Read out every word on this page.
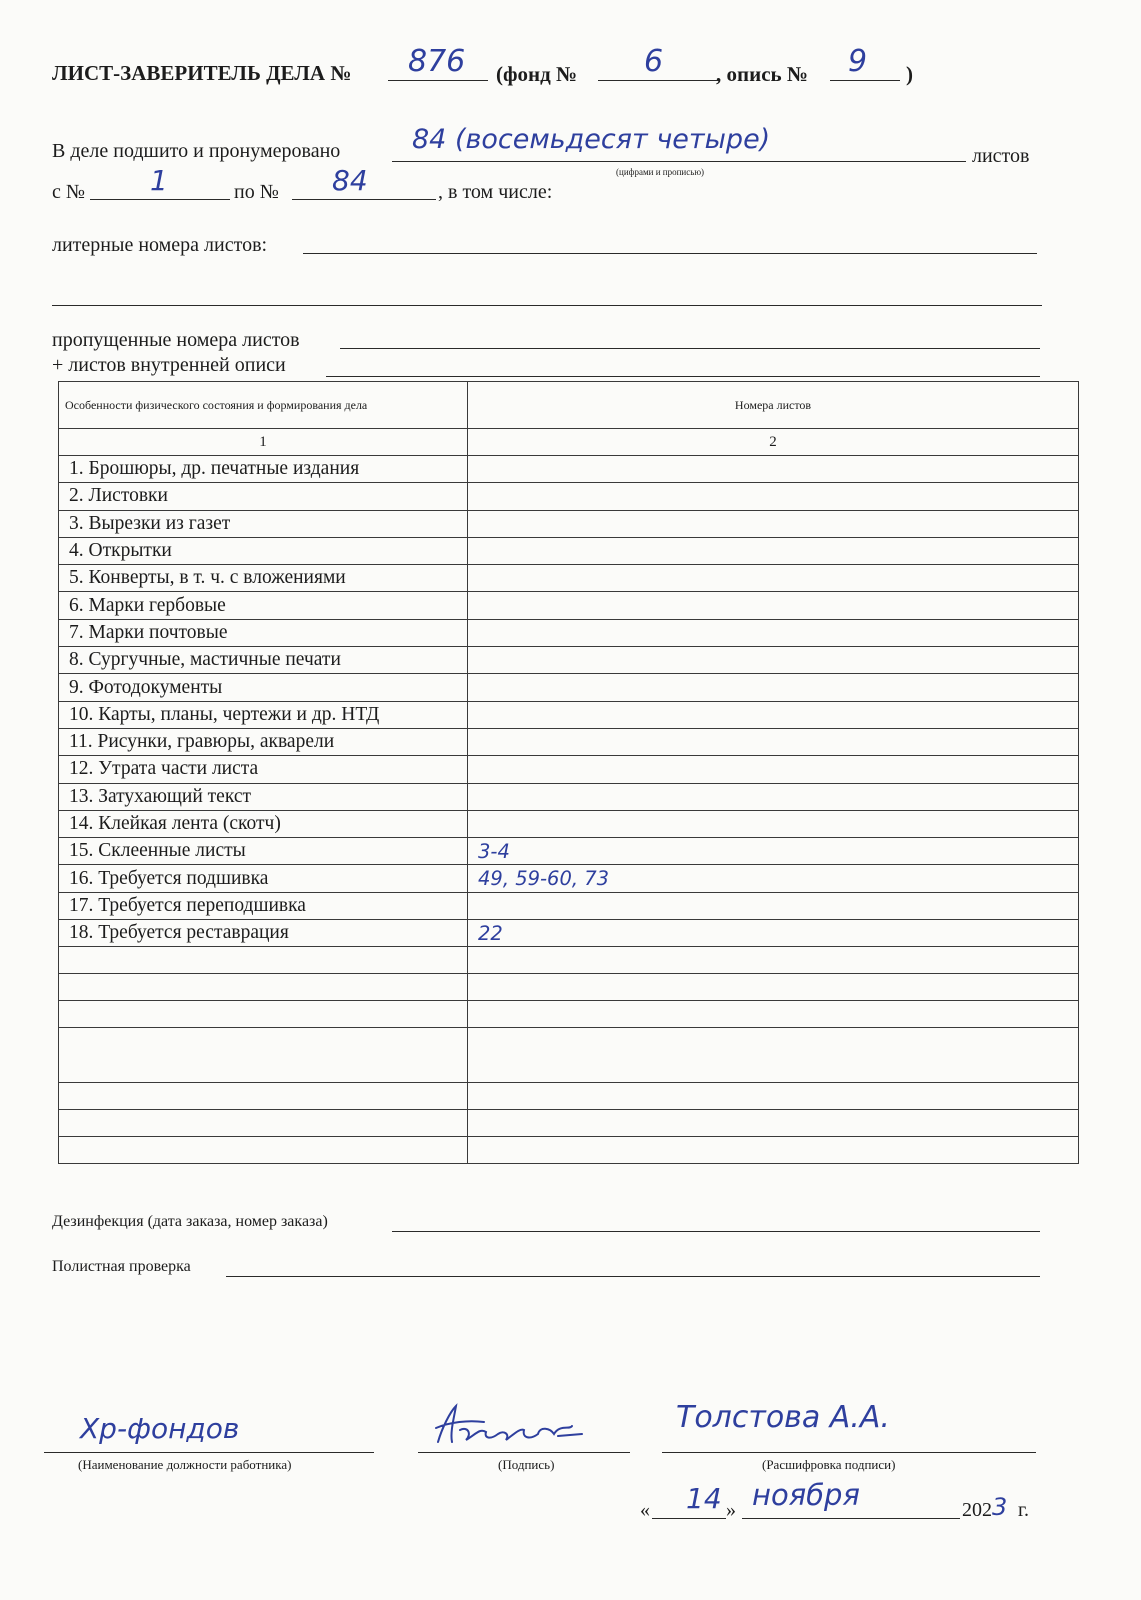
ЛИСТ-ЗАВЕРИТЕЛЬ ДЕЛА № 876 (фонд № 6	, опись № 9 )
В деле подшито и пронумеровано	84 (восемьдесят четыре)
листов
(цифрами и прописью)
с № 1	по № 84	, в том числе:
литерные номера листов:
пропущенные номера листов
+ листов внутренней описи
Особенности физического состояния и формирования дела	Номера листов
1	2
1. Брошюры, др. печатные издания	
2. Листовки	
3. Вырезки из газет	
4. Открытки	
5. Конверты, в т. ч. с вложениями	
6. Марки гербовые	
7. Марки почтовые	
8. Сургучные, мастичные печати	
9. Фотодокументы	
10. Карты, планы, чертежи и др. НТД	
11. Рисунки, гравюры, акварели	
12. Утрата части листа	
13. Затухающий текст	
14. Клейкая лента (скотч)	
15. Склеенные листы	3-4
16. Требуется подшивка	49, 59-60, 73
17. Требуется переподшивка	
18. Требуется реставрация	22

Дезинфекция (дата заказа, номер заказа)
Полистная проверка
Хр-фондов
(Наименование должности работника)	(Подпись)
Толстова А.А.
(Расшифровка подписи)
« 14 » ноября	202 3 г.
